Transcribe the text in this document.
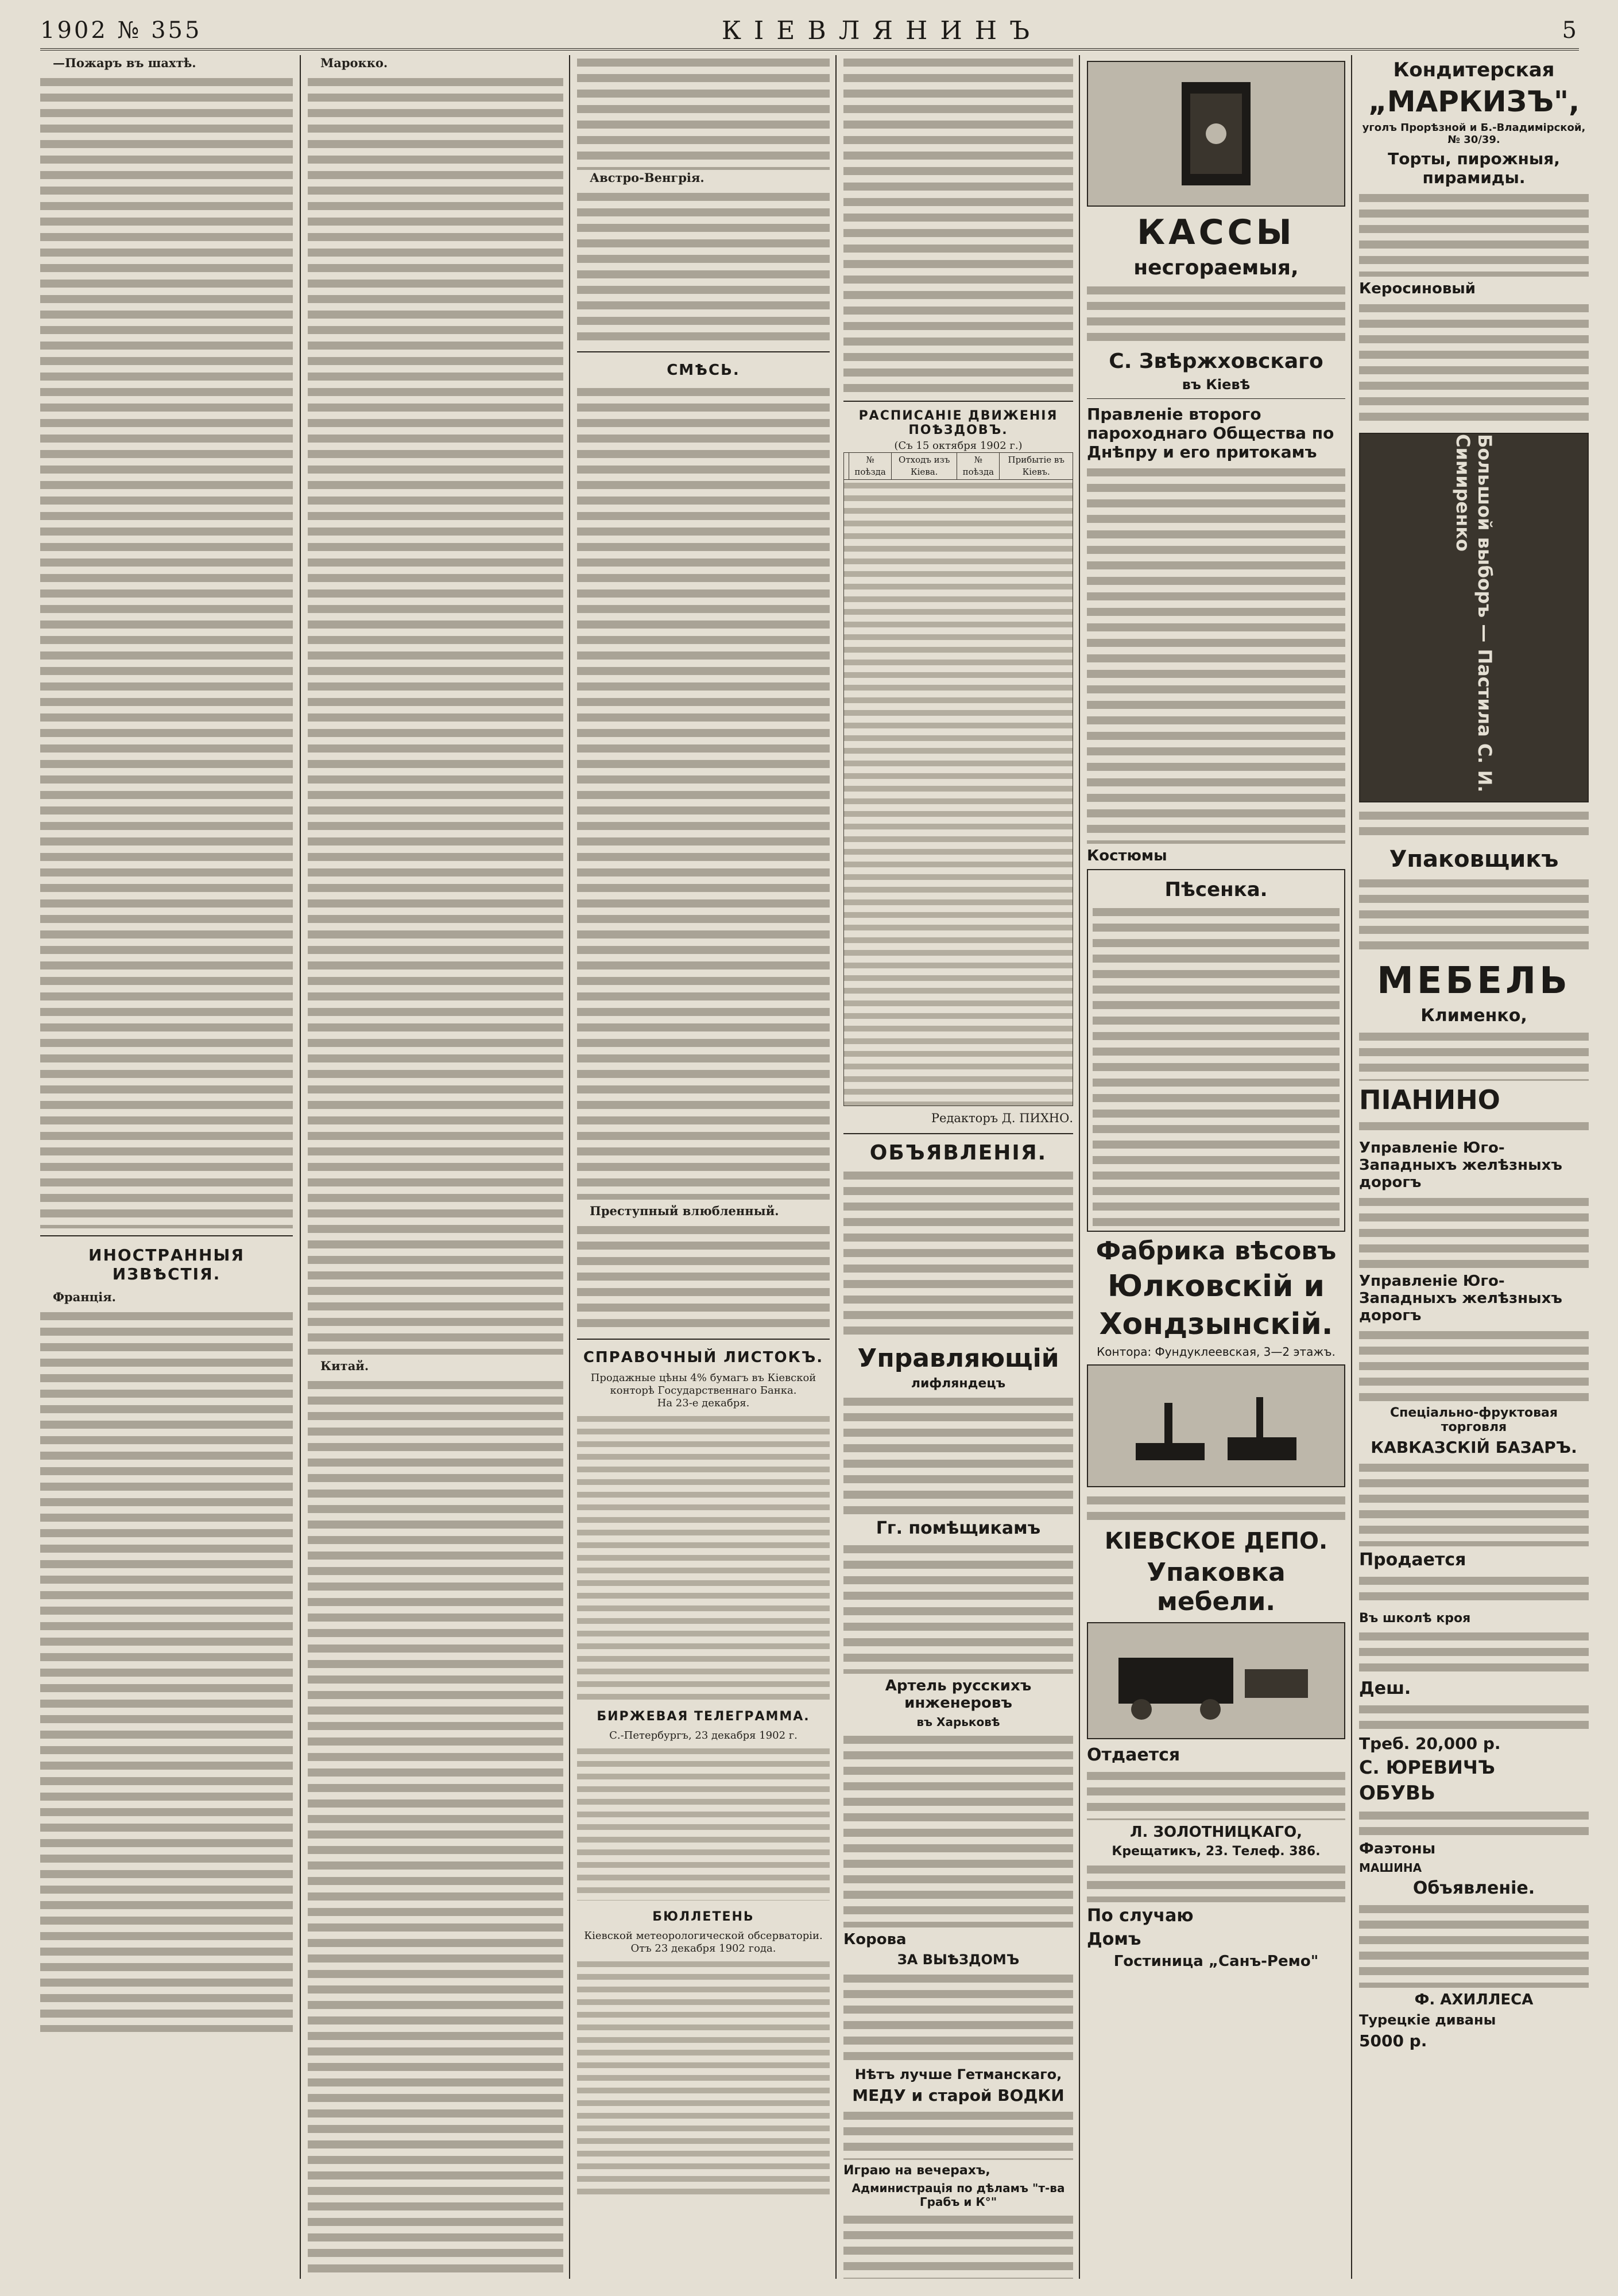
1902 № 355	КІЕВЛЯНИНЪ	5

—Пожаръ въ шахтѣ.

ИНОСТРАННЫЯ ИЗВѢСТІЯ.

Франція.

Марокко.

Китай.

Австро-Венгрія.

СМѢСЬ.

Преступный влюбленный.

СПРАВОЧНЫЙ ЛИСТОКЪ.

Продажные цѣны 4% бумагъ въ Кіевской конторѣ Государственнаго Банка.

На 23-е декабря.

БИРЖЕВАЯ ТЕЛЕГРАММА.

С.-Петербургъ, 23 декабря 1902 г.

БЮЛЛЕТЕНЬ

Кіевской метеорологической обсерваторіи.

Отъ 23 декабря 1902 года.

РАСПИСАНІЕ ДВИЖЕНІЯ ПОѢЗДОВЪ.

(Съ 15 октября 1902 г.)

	№ поѣзда	Отходъ изъ Кіева.	№ поѣзда	Прибытіе въ Кіевъ.

Редакторъ Д. ПИХНО.

ОБЪЯВЛЕНІЯ.
Управляющій
лифляндецъ
Гг. помѣщикамъ
Артель русскихъ инженеровъ
въ Харьковѣ
Корова
ЗА ВЫѢЗДОМЪ
Нѣтъ лучше Гетманскаго,
МЕДУ и старой ВОДКИ
Играю на вечерахъ,
Администрація по дѣламъ "т-ва Грабъ и К°"
КАССЫ
несгораемыя,
С. Звѣржховскаго
въ Кіевѣ
Правленіе второго пароходнаго Общества по Днѣпру и его притокамъ
Костюмы
Пѣсенка.
Фабрика вѣсовъ
Юлковскій и
Хондзынскій.
Контора: Фундуклеевская, 3—2 этажъ.
КІЕВСКОЕ ДЕПО.
Упаковка мебели.
Отдается
Л. ЗОЛОТНИЦКАГО,
Крещатикъ, 23. Телеф. 386.
По случаю
Домъ
Гостиница „Санъ-Ремо"
Кондитерская
„МАРКИЗЪ",
уголъ Прорѣзной и Б.-Владимірской, № 30/39.
Торты, пирожныя, пирамиды.
Керосиновый
Большой выборъ — Пастила С. И. Симиренко
Упаковщикъ
МЕБЕЛЬ
Клименко,
ПІАНИНО
Управленіе Юго-Западныхъ желѣзныхъ дорогъ
Управленіе Юго-Западныхъ желѣзныхъ дорогъ
Спеціально-фруктовая торговля
КАВКАЗСКІЙ БАЗАРЪ.
Продается
Въ школѣ кроя
Деш.
Треб. 20,000 р.
С. ЮРЕВИЧЪ
ОБУВЬ
Фаэтоны
МАШИНА
Объявленіе.
Ф. АХИЛЛЕСА
Турецкіе диваны
5000 р.
